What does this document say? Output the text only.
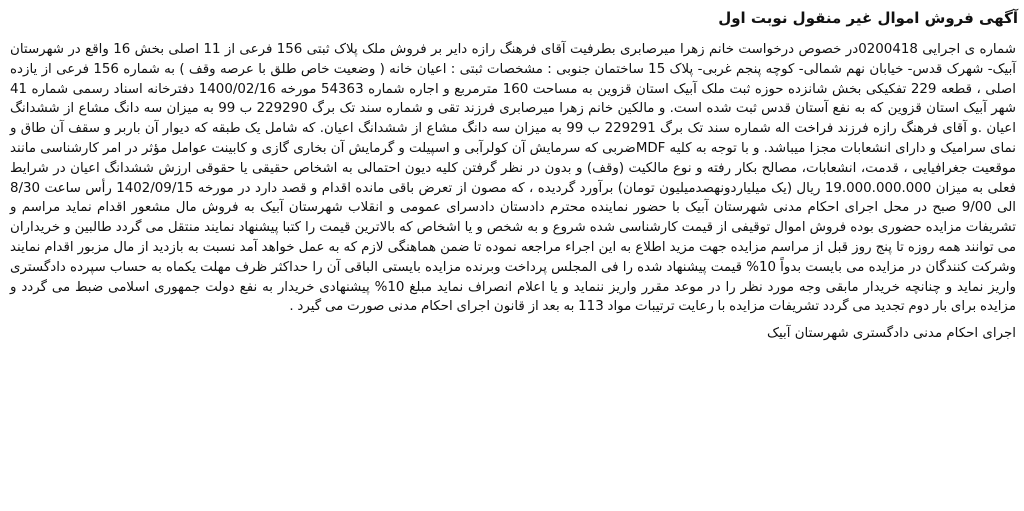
آگهی فروش اموال غیر منقول نوبت اول
شماره ی اجرایی 0200418در خصوص درخواست خانم زهرا میرصابری بطرفیت آقای فرهنگ رازه دایر بر فروش ملک پلاک ثبتی 156 فرعی از 11 اصلی بخش 16 واقع در شهرستان آبیک- شهرک قدس- خیابان نهم شمالی- کوچه پنجم غربی- پلاک 15 ساختمان جنوبی : مشخصات ثبتی : اعیان خانه ( وضعیت خاص طلق با عرصه وقف ) به شماره 156 فرعی از یازده اصلی ، قطعه 229 تفکیکی بخش شانزده حوزه ثبت ملک آبیک استان قزوین به مساحت 160 مترمربع و اجاره شماره 54363 مورخه 1400/02/16 دفترخانه اسناد رسمی شماره 41 شهر آبیک استان قزوین که به نفع آستان قدس ثبت شده است. و مالکین خانم زهرا میرصابری فرزند تقی و شماره سند تک برگ 229290 ب 99 به میزان سه دانگ مشاع از ششدانگ اعیان .و آقای فرهنگ رازه فرزند فراخت اله شماره سند تک برگ 229291 ب 99 به میزان سه دانگ مشاع از ششدانگ اعیان. که شامل یک طبقه که دیوار آن باربر و سقف آن طاق و نمای سرامیک و دارای انشعابات مجزا میباشد. و با توجه به کلیه MDFضربی که سرمایش آن کولرآبی و اسپیلت و گرمایش آن بخاری گازی و کابینت عوامل مؤثر در امر کارشناسی مانند موقعیت جغرافیایی ، قدمت، انشعابات، مصالح بکار رفته و نوع مالکیت (وقف) و بدون در نظر گرفتن کلیه دیون احتمالی به اشخاص حقیقی یا حقوقی ارزش ششدانگ اعیان در شرایط فعلی به میزان 19.000.000.000 ریال (یک میلیاردونهصدمیلیون تومان) برآورد گردیده ، که مصون از تعرض باقی مانده اقدام و قصد دارد در مورخه 1402/09/15 رأس ساعت 8/30 الی 9/00 صبح در محل اجرای احکام مدنی شهرستان آبیک با حضور نماینده محترم دادستان دادسرای عمومی و انقلاب شهرستان آبیک به فروش مال مشعور اقدام نماید مراسم و تشریفات مزایده حضوری بوده فروش اموال توقیفی از قیمت کارشناسی شده شروع و به شخص و یا اشخاص که بالاترین قیمت را کتبا پیشنهاد نمایند منتقل می گردد طالبین و خریداران می توانند همه روزه تا پنج روز قبل از مراسم مزایده جهت مزید اطلاع به این اجراء مراجعه نموده تا ضمن هماهنگی لازم که به عمل خواهد آمد نسبت به بازدید از مال مزبور اقدام نمایند وشرکت کنندگان در مزایده می بایست بدواً 10% قیمت پیشنهاد شده را فی المجلس پرداخت وبرنده مزایده بایستی الباقی آن را حداکثر ظرف مهلت یکماه به حساب سپرده دادگستری واریز نماید و چنانچه خریدار مابقی وجه مورد نظر را در موعد مقرر واریز ننماید و یا اعلام انصراف نماید مبلغ 10% پیشنهادی خریدار به نفع دولت جمهوری اسلامی ضبط می گردد و مزایده برای بار دوم تجدید می گردد تشریفات مزایده با رعایت ترتیبات مواد 113 به بعد از قانون اجرای احکام مدنی صورت می گیرد .
اجرای احکام مدنی دادگستری شهرستان آبیک
